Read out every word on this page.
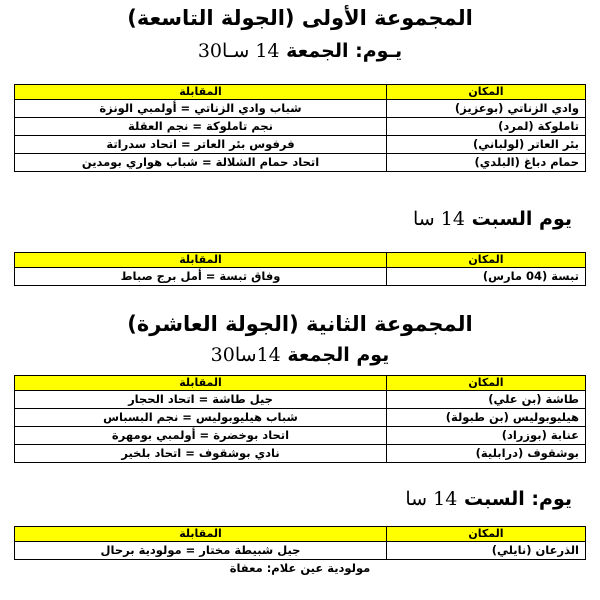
المجموعة الأولى (الجولة التاسعة)
يـوم: الجمعة 14 سـا30
المكان	المقابلة
وادي الزناتي (بوعزيز)	شباب وادي الزناتي = أولمبي الونزة
تاملوكة (لمرد)	نجم تاملوكة = نجم العقلة
بئر العاتر (لولباني)	فرفوس بئر العاتر = اتحاد سدراتة
حمام دباغ (البلدي)	اتحاد حمام الشلالة = شباب هواري بومدين
يوم السبت 14 سا
المكان	المقابلة
تبسة (04 مارس)	وفاق تبسة = أمل برج صباط
المجموعة الثانية (الجولة العاشرة)
يوم الجمعة 14سا30
المكان	المقابلة
طاشة (بن علي)	جيل طاشة = اتحاد الحجار
هيليوبوليس (بن طبولة)	شباب هيليوبوليس = نجم البسباس
عنابة (بوزراد)	اتحاد بوخضرة = أولمبي بومهرة
بوشقوف (درابلية)	نادي بوشقوف = اتحاد بلخير
يوم: السبت 14 سا
المكان	المقابلة
الذرعان (نايلي)	جيل شبيطة مختار = مولودية برحال
مولودية عين علام: معفاة	
